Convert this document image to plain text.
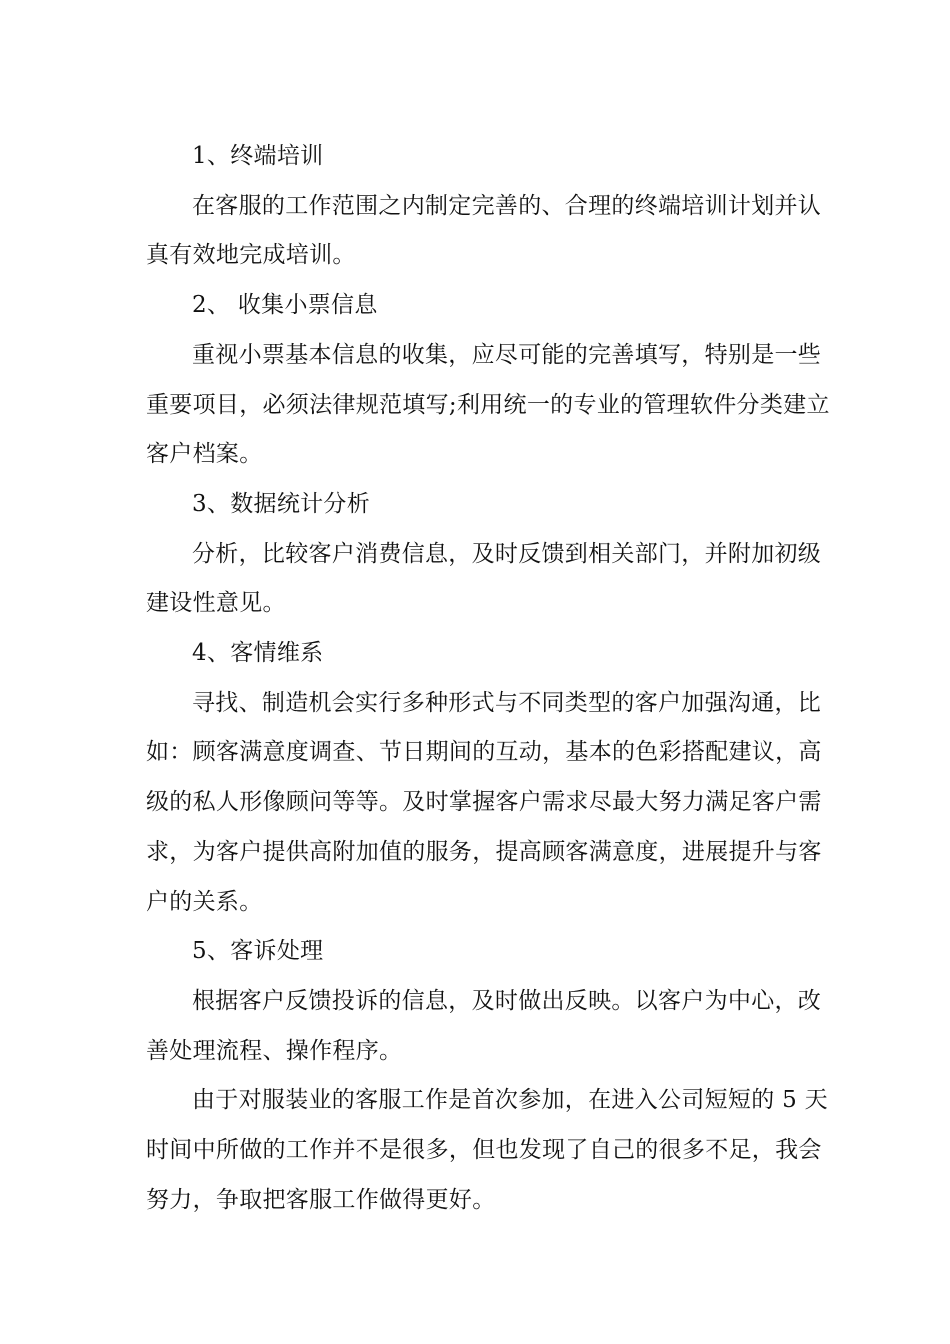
1、终端培训
在客服的工作范围之内制定完善的、合理的终端培训计划并认
真有效地完成培训。
2、 收集小票信息
重视小票基本信息的收集，应尽可能的完善填写，特别是一些
重要项目，必须法律规范填写;利用统一的专业的管理软件分类建立
客户档案。
3、数据统计分析
分析，比较客户消费信息，及时反馈到相关部门，并附加初级
建设性意见。
4、客情维系
寻找、制造机会实行多种形式与不同类型的客户加强沟通，比
如：顾客满意度调查、节日期间的互动，基本的色彩搭配建议，高
级的私人形像顾问等等。及时掌握客户需求尽最大努力满足客户需
求，为客户提供高附加值的服务，提高顾客满意度，进展提升与客
户的关系。
5、客诉处理
根据客户反馈投诉的信息，及时做出反映。以客户为中心，改
善处理流程、操作程序。
由于对服装业的客服工作是首次参加，在进入公司短短的 5 天
时间中所做的工作并不是很多，但也发现了自己的很多不足，我会
努力，争取把客服工作做得更好。
